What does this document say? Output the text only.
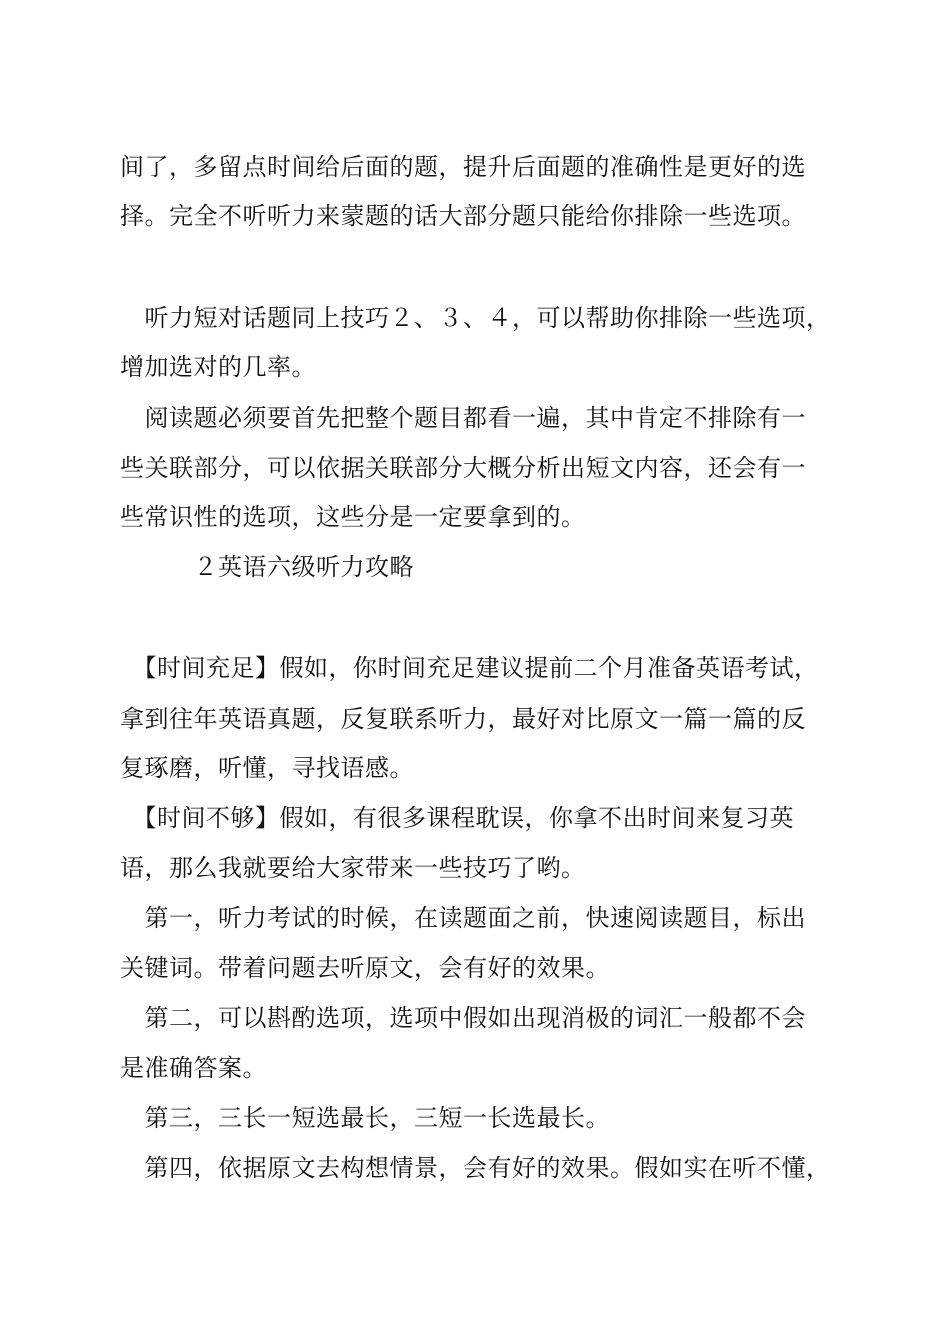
间了，多留点时间给后面的题，提升后面题的准确性是更好的选
择。完全不听听力来蒙题的话大部分题只能给你排除一些选项。
　听力短对话题同上技巧２、３、４，可以帮助你排除一些选项，
增加选对的几率。
　阅读题必须要首先把整个题目都看一遍，其中肯定不排除有一
些关联部分，可以依据关联部分大概分析出短文内容，还会有一
些常识性的选项，这些分是一定要拿到的。
　　　２英语六级听力攻略
　【时间充足】假如，你时间充足建议提前二个月准备英语考试，
拿到往年英语真题，反复联系听力，最好对比原文一篇一篇的反
复琢磨，听懂，寻找语感。
　【时间不够】假如，有很多课程耽误，你拿不出时间来复习英
语，那么我就要给大家带来一些技巧了哟。
　第一，听力考试的时候，在读题面之前，快速阅读题目，标出
关键词。带着问题去听原文，会有好的效果。
　第二，可以斟酌选项，选项中假如出现消极的词汇一般都不会
是准确答案。
　第三，三长一短选最长，三短一长选最长。
　第四，依据原文去构想情景，会有好的效果。假如实在听不懂，
